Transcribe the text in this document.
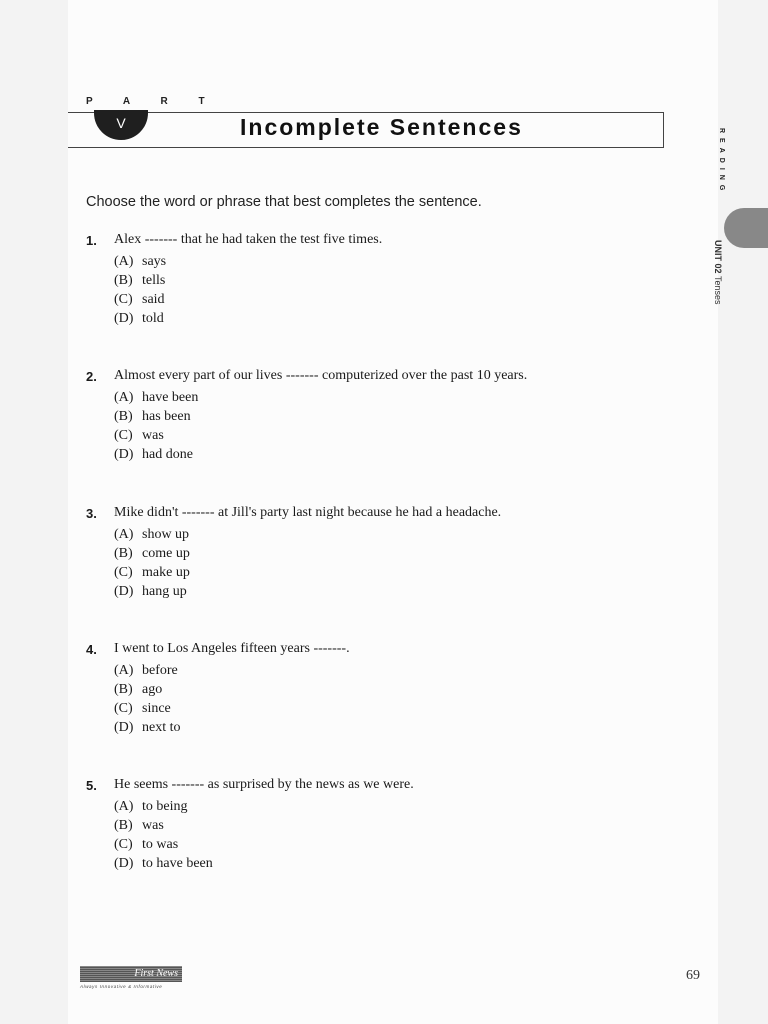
P A R T
V	Incomplete Sentences
Choose the word or phrase that best completes the sentence.
1. Alex ------- that he had taken the test five times.
(A) says
(B) tells
(C) said
(D) told
2. Almost every part of our lives ------- computerized over the past 10 years.
(A) have been
(B) has been
(C) was
(D) had done
3. Mike didn't ------- at Jill's party last night because he had a headache.
(A) show up
(B) come up
(C) make up
(D) hang up
4. I went to Los Angeles fifteen years -------.
(A) before
(B) ago
(C) since
(D) next to
5. He seems ------- as surprised by the news as we were.
(A) to being
(B) was
(C) to was
(D) to have been
READING
UNIT 02 Tenses
First News
Always Innovative & Informative
69
